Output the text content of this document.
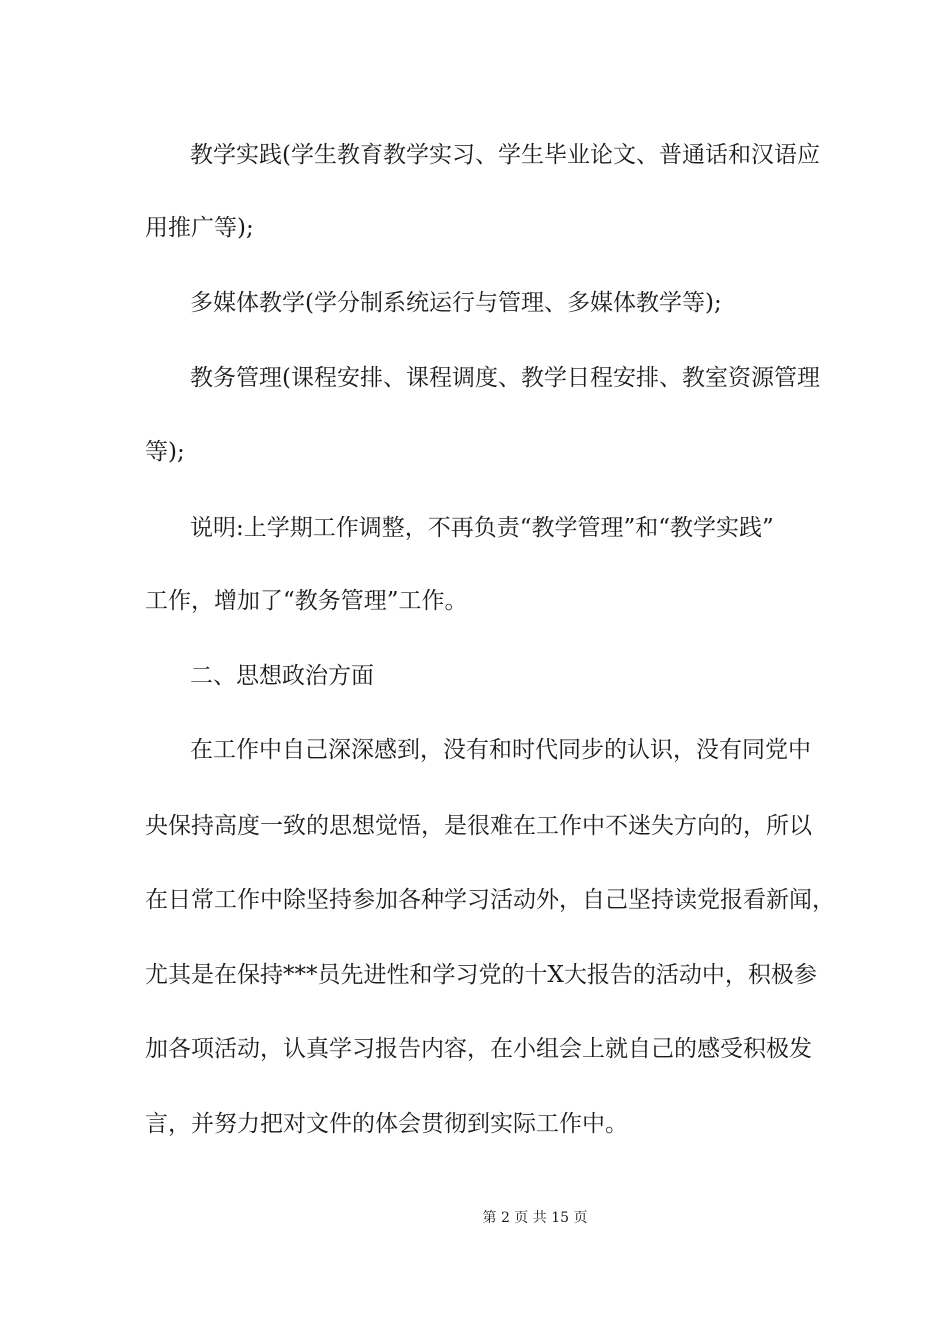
教学实践(学生教育教学实习、学生毕业论文、普通话和汉语应
用推广等);
多媒体教学(学分制系统运行与管理、多媒体教学等);
教务管理(课程安排、课程调度、教学日程安排、教室资源管理
等);
说明:上学期工作调整，不再负责“教学管理”和“教学实践”
工作，增加了“教务管理”工作。
二、思想政治方面
在工作中自己深深感到，没有和时代同步的认识，没有同党中
央保持高度一致的思想觉悟，是很难在工作中不迷失方向的，所以
在日常工作中除坚持参加各种学习活动外，自己坚持读党报看新闻，
尤其是在保持***员先进性和学习党的十X大报告的活动中，积极参
加各项活动，认真学习报告内容，在小组会上就自己的感受积极发
言，并努力把对文件的体会贯彻到实际工作中。
第 2 页 共 15 页
